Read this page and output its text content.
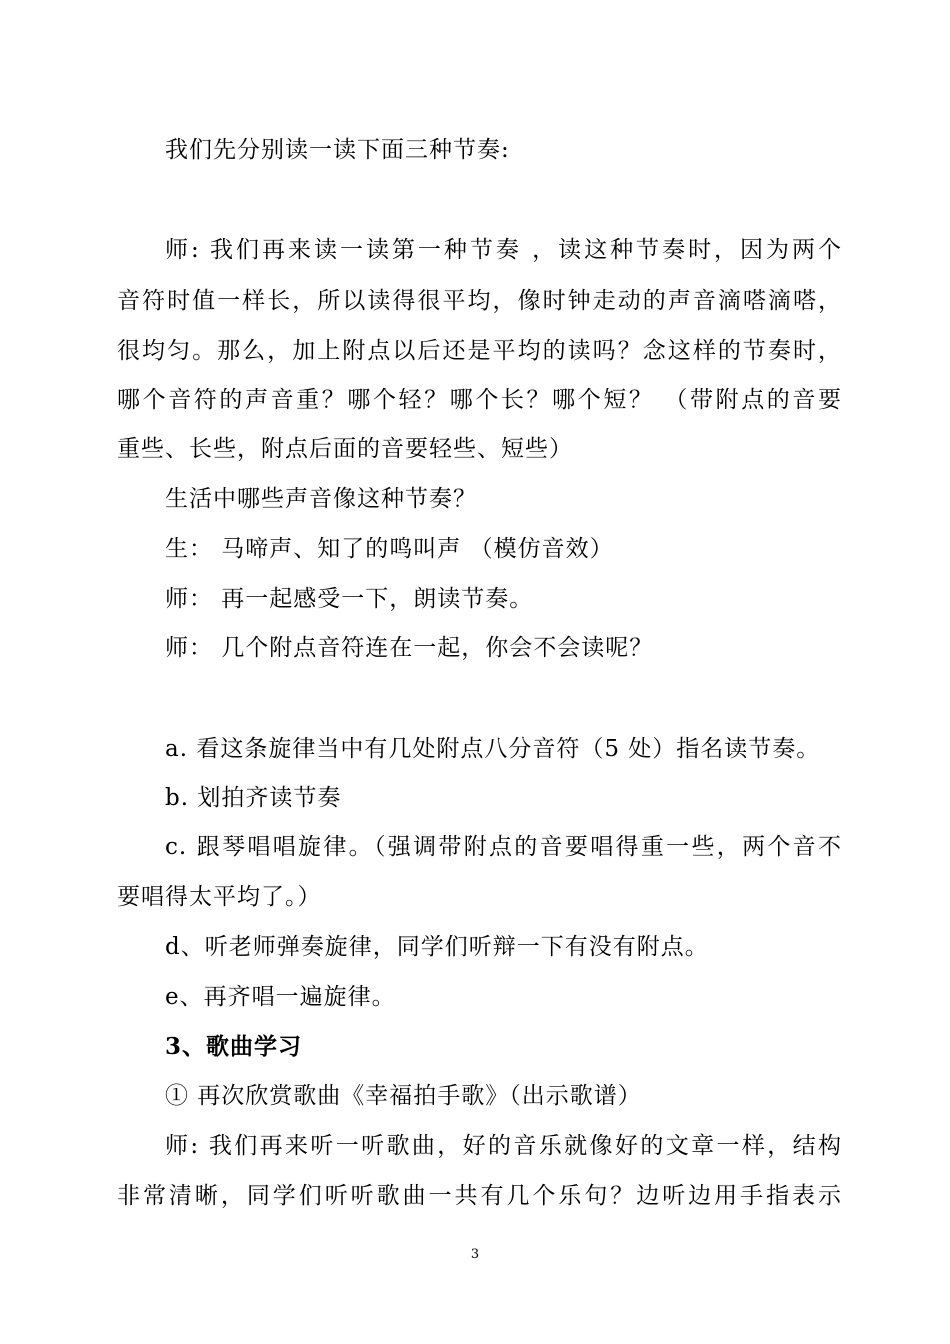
我们先分别读一读下面三种节奏:
师: 我们再来读一读第一种节奏 ，读这种节奏时，因为两个
音符时值一样长，所以读得很平均，像时钟走动的声音滴嗒滴嗒，
很均匀。那么，加上附点以后还是平均的读吗？念这样的节奏时，
哪个音符的声音重？哪个轻？哪个长？哪个短？ （带附点的音要
重些、长些，附点后面的音要轻些、短些）
生活中哪些声音像这种节奏？
生： 马啼声、知了的鸣叫声 （模仿音效）
师： 再一起感受一下，朗读节奏。
师： 几个附点音符连在一起，你会不会读呢？
a. 看这条旋律当中有几处附点八分音符（5 处）指名读节奏。
b. 划拍齐读节奏
c. 跟琴唱唱旋律。（强调带附点的音要唱得重一些，两个音不
要唱得太平均了。）
d、听老师弹奏旋律，同学们听辩一下有没有附点。
e、再齐唱一遍旋律。
3、歌曲学习
① 再次欣赏歌曲《幸福拍手歌》（出示歌谱）
师: 我们再来听一听歌曲，好的音乐就像好的文章一样，结构
非常清晰，同学们听听歌曲一共有几个乐句？边听边用手指表示
3
